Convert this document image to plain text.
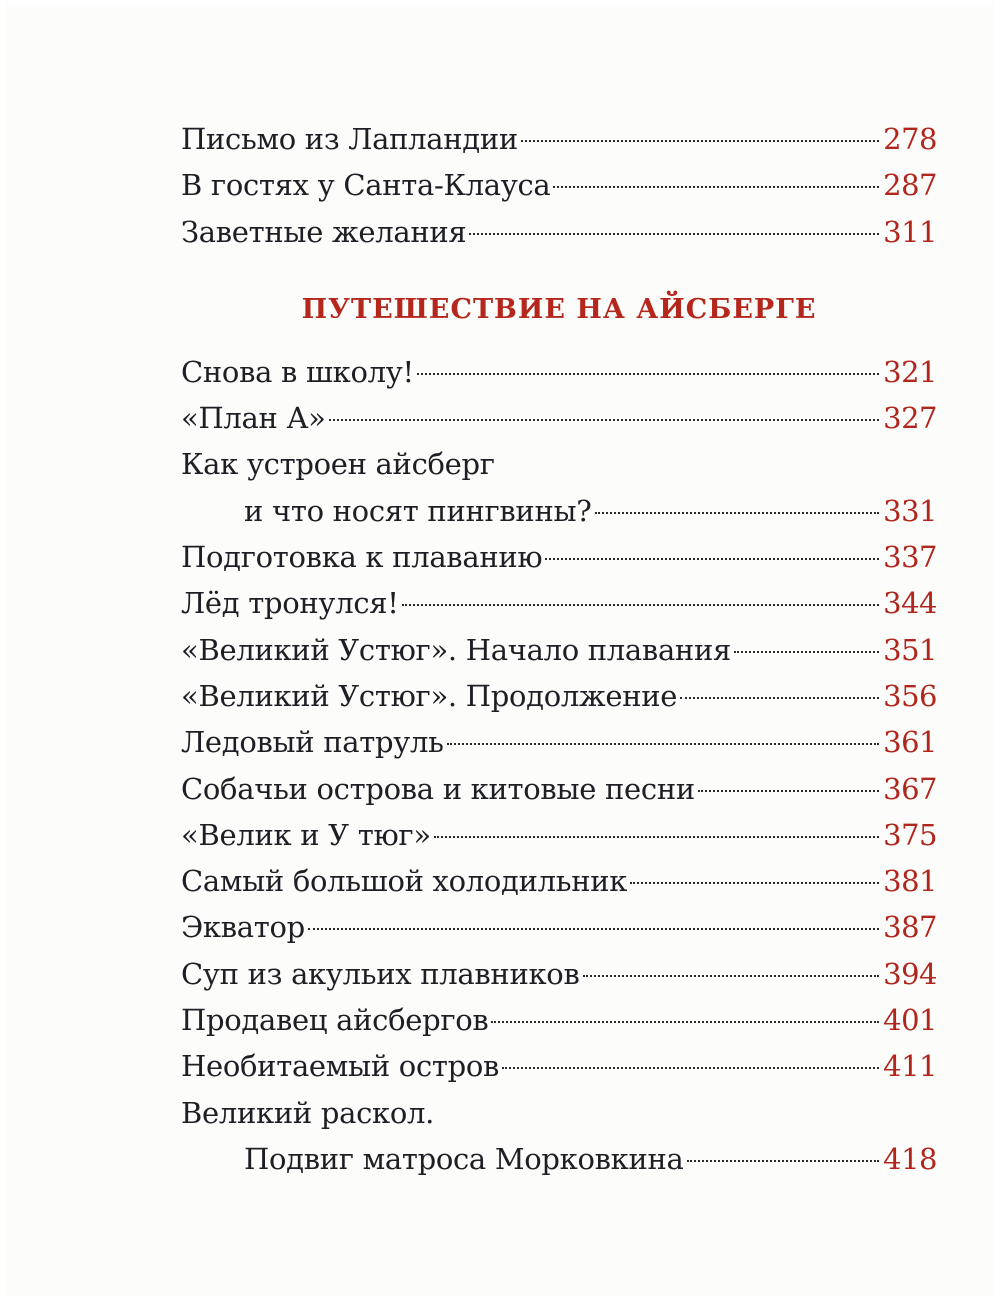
Письмо из Лапландии	278
В гостях у Санта-Клауса	287
Заветные желания	311
ПУТЕШЕСТВИЕ НА АЙСБЕРГЕ
Снова в школу!	321
«План А»	327
Как устроен айсберг
и что носят пингвины?	331
Подготовка к плаванию	337
Лёд тронулся!	344
«Великий Устюг». Начало плавания	351
«Великий Устюг». Продолжение	356
Ледовый патруль	361
Собачьи острова и китовые песни	367
«Велик и У тюг»	375
Самый большой холодильник	381
Экватор	387
Суп из акульих плавников	394
Продавец айсбергов	401
Необитаемый остров	411
Великий раскол.
Подвиг матроса Морковкина	418
